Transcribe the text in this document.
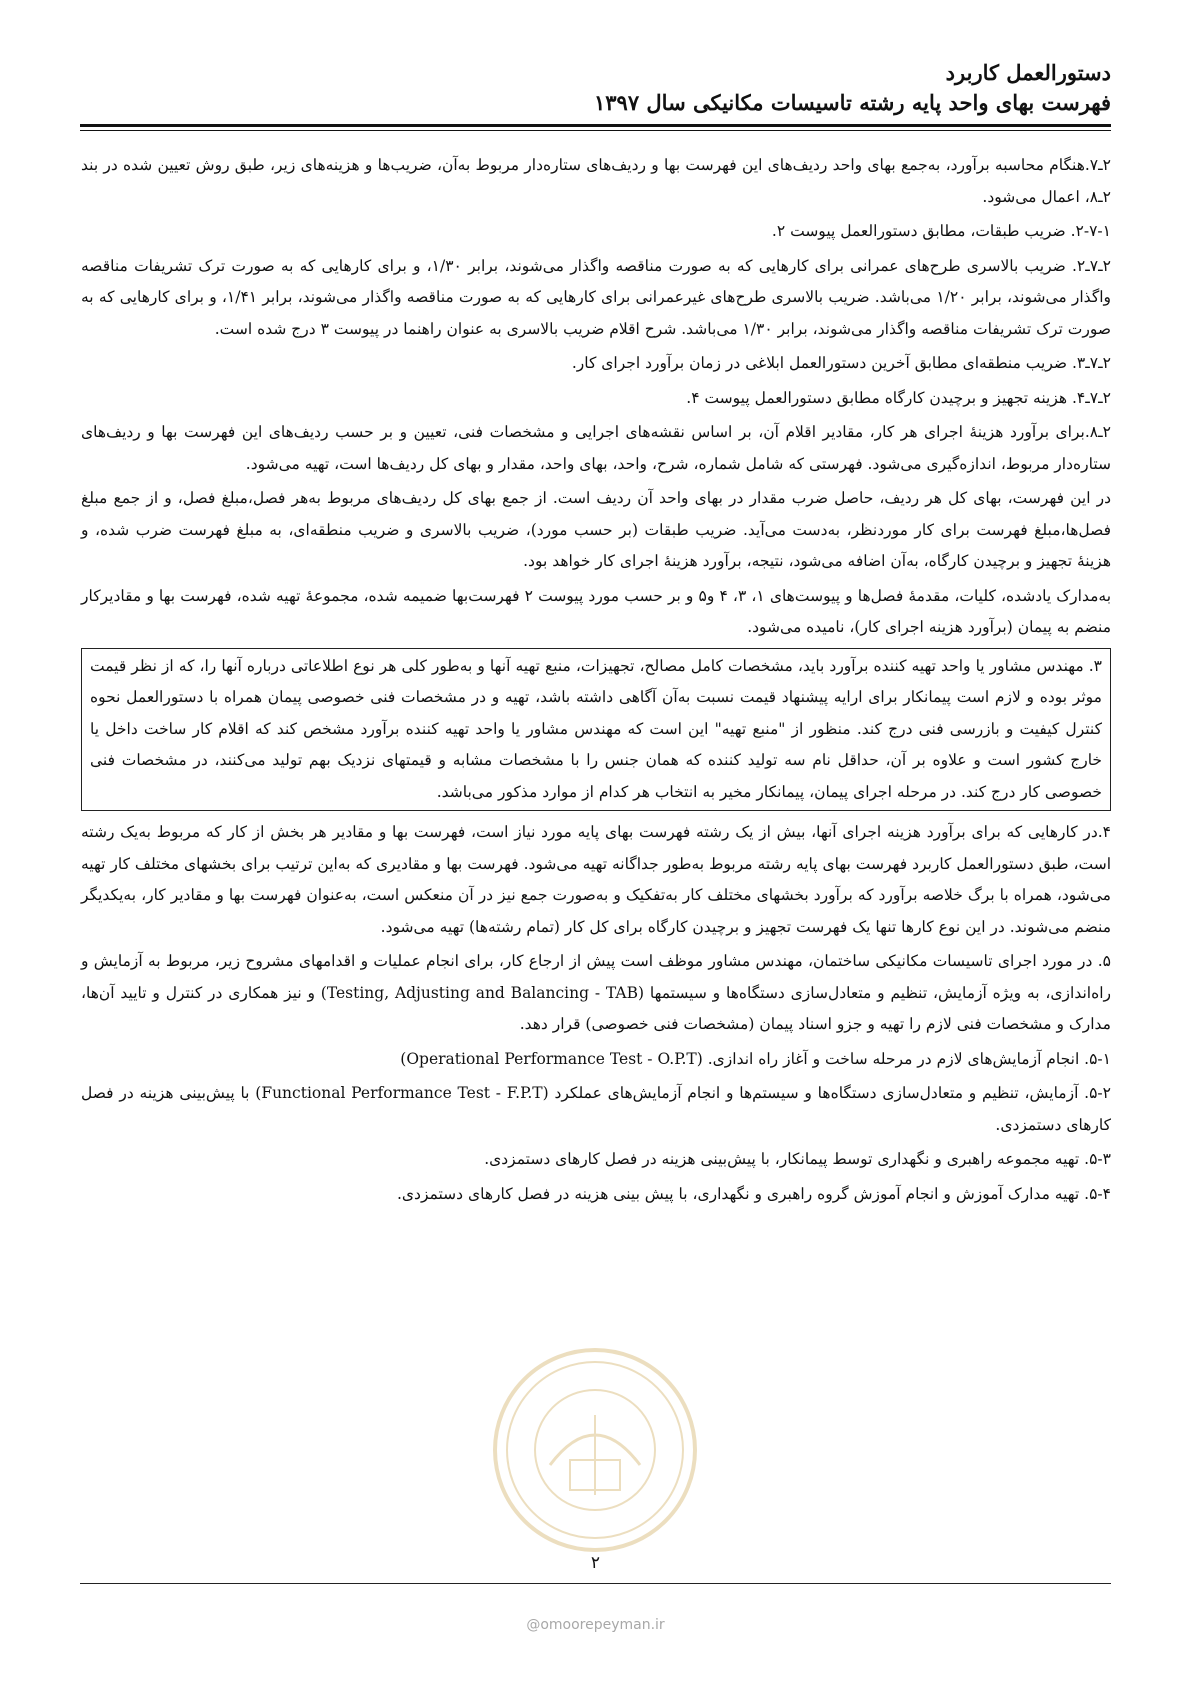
دستورالعمل کاربرد
فهرست بهای واحد پایه رشته تاسیسات مکانیکی سال ۱۳۹۷

۲ـ۷.هنگام محاسبه برآورد، به‌جمع بهای واحد ردیف‌های این فهرست بها و ردیف‌های ستاره‌دار مربوط به‌آن، ضریب‌ها و هزینه‌های زیر، طبق روش تعیین شده در بند ۲ـ۸، اعمال می‌شود.

۲-۷-۱. ضریب طبقات، مطابق دستورالعمل پیوست ۲.

۲ـ۷ـ۲. ضریب بالاسری طرح‌های عمرانی برای کارهایی که به صورت مناقصه واگذار می‌شوند، برابر ۱/۳۰، و برای کارهایی که به صورت ترک تشریفات مناقصه واگذار می‌شوند، برابر ۱/۲۰ می‌باشد. ضریب بالاسری طرح‌های غیرعمرانی برای کارهایی که به صورت مناقصه واگذار می‌شوند، برابر ۱/۴۱، و برای کارهایی که به صورت ترک تشریفات مناقصه واگذار می‌شوند، برابر ۱/۳۰ می‌باشد. شرح اقلام ضریب بالاسری به عنوان راهنما در پیوست ۳ درج شده است.

۲ـ۷ـ۳. ضریب منطقه‌ای مطابق آخرین دستورالعمل ابلاغی در زمان برآورد اجرای کار.

۲ـ۷ـ۴. هزینه تجهیز و برچیدن کارگاه مطابق دستورالعمل پیوست ۴.

۲ـ۸.برای برآورد هزینهٔ اجرای هر کار، مقادیر اقلام آن، بر اساس نقشه‌های اجرایی و مشخصات فنی، تعیین و بر حسب ردیف‌های این فهرست بها و ردیف‌های ستاره‌دار مربوط، اندازه‌گیری می‌شود. فهرستی که شامل شماره، شرح، واحد، بهای واحد، مقدار و بهای کل ردیف‌ها است، تهیه می‌شود.

در این فهرست، بهای کل هر ردیف، حاصل ضرب مقدار در بهای واحد آن ردیف است. از جمع بهای کل ردیف‌های مربوط به‌هر فصل،مبلغ فصل، و از جمع مبلغ فصل‌ها،مبلغ فهرست برای کار موردنظر، به‌دست می‌آید. ضریب طبقات (بر حسب مورد)، ضریب بالاسری و ضریب منطقه‌ای، به مبلغ فهرست ضرب شده، و هزینهٔ تجهیز و برچیدن کارگاه، به‌آن اضافه می‌شود، نتیجه، برآورد هزینهٔ اجرای کار خواهد بود.

به‌مدارک یادشده، کلیات، مقدمهٔ فصل‌ها و پیوست‌های ۱، ۳، ۴ و۵ و بر حسب مورد پیوست ۲ فهرست‌بها ضمیمه شده، مجموعهٔ تهیه شده، فهرست بها و مقادیرکار منضم به پیمان (برآورد هزینه اجرای کار)، نامیده می‌شود.

۳. مهندس مشاور یا واحد تهیه کننده برآورد باید، مشخصات کامل مصالح، تجهیزات، منبع تهیه آنها و به‌طور کلی هر نوع اطلاعاتی درباره آنها را، که از نظر قیمت موثر بوده و لازم است پیمانکار برای ارایه پیشنهاد قیمت نسبت به‌آن آگاهی داشته باشد، تهیه و در مشخصات فنی خصوصی پیمان همراه با دستورالعمل نحوه کنترل کیفیت و بازرسی فنی درج کند. منظور از "منبع تهیه" این است که مهندس مشاور یا واحد تهیه کننده برآورد مشخص کند که اقلام کار ساخت داخل یا خارج کشور است و علاوه بر آن، حداقل نام سه تولید کننده که همان جنس را با مشخصات مشابه و قیمتهای نزدیک بهم تولید می‌کنند، در مشخصات فنی خصوصی کار درج کند. در مرحله اجرای پیمان، پیمانکار مخیر به انتخاب هر کدام از موارد مذکور می‌باشد.

۴.در کارهایی که برای برآورد هزینه اجرای آنها، بیش از یک رشته فهرست بهای پایه مورد نیاز است، فهرست بها و مقادیر هر بخش از کار که مربوط به‌یک رشته است، طبق دستورالعمل کاربرد فهرست بهای پایه رشته مربوط به‌طور جداگانه تهیه می‌شود. فهرست بها و مقادیری که به‌این ترتیب برای بخشهای مختلف کار تهیه می‌شود، همراه با برگ خلاصه برآورد که برآورد بخشهای مختلف کار به‌تفکیک و به‌صورت جمع نیز در آن منعکس است، به‌عنوان فهرست بها و مقادیر کار، به‌یکدیگر منضم می‌شوند. در این نوع کارها تنها یک فهرست تجهیز و برچیدن کارگاه برای کل کار (تمام رشته‌ها) تهیه می‌شود.

۵. در مورد اجرای تاسیسات مکانیکی ساختمان، مهندس مشاور موظف است پیش از ارجاع کار، برای انجام عملیات و اقدامهای مشروح زیر، مربوط به آزمایش و راه‌اندازی، به ویژه آزمایش، تنظیم و متعادل‌سازی دستگاه‌ها و سیستمها (Testing, Adjusting and Balancing - TAB) و نیز همکاری در کنترل و تایید آن‌ها، مدارک و مشخصات فنی لازم را تهیه و جزو اسناد پیمان (مشخصات فنی خصوصی) قرار دهد.

۵-۱. انجام آزمایش‌های لازم در مرحله ساخت و آغاز راه اندازی. (Operational Performance Test - O.P.T)

۵-۲. آزمایش، تنظیم و متعادل‌سازی دستگاه‌ها و سیستم‌ها و انجام آزمایش‌های عملکرد (Functional Performance Test - F.P.T) با پیش‌بینی هزینه در فصل کارهای دستمزدی.

۵-۳. تهیه مجموعه راهبری و نگهداری توسط پیمانکار، با پیش‌بینی هزینه در فصل کارهای دستمزدی.

۵-۴. تهیه مدارک آموزش و انجام آموزش گروه راهبری و نگهداری، با پیش بینی هزینه در فصل کارهای دستمزدی.

۲
@omoorepeyman.ir
